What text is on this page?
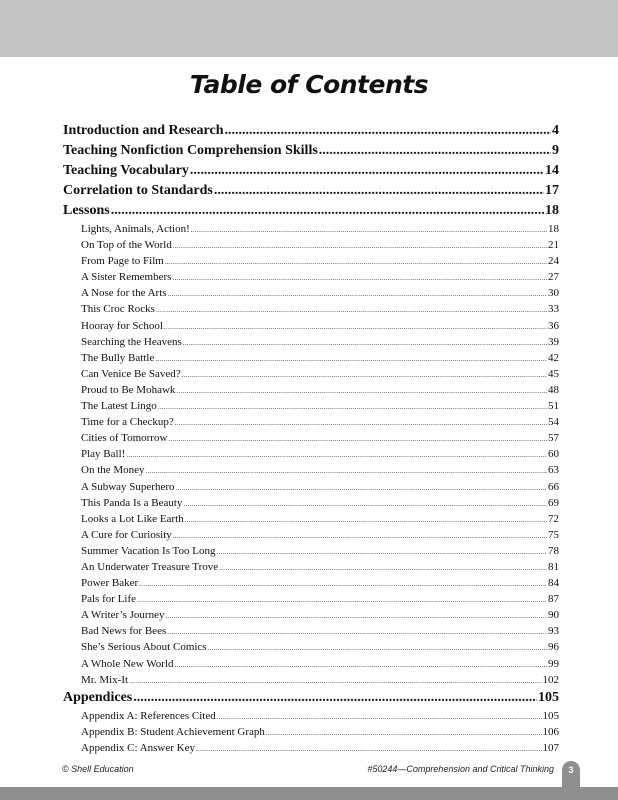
Table of Contents
Introduction and Research .....	4
Teaching Nonfiction Comprehension Skills .....	9
Teaching Vocabulary .....	14
Correlation to Standards .....	17
Lessons .....	18
Lights, Animals, Action! .....	18
On Top of the World .....	21
From Page to Film .....	24
A Sister Remembers .....	27
A Nose for the Arts .....	30
This Croc Rocks .....	33
Hooray for School .....	36
Searching the Heavens .....	39
The Bully Battle .....	42
Can Venice Be Saved? .....	45
Proud to Be Mohawk .....	48
The Latest Lingo .....	51
Time for a Checkup? .....	54
Cities of Tomorrow .....	57
Play Ball! .....	60
On the Money .....	63
A Subway Superhero .....	66
This Panda Is a Beauty .....	69
Looks a Lot Like Earth .....	72
A Cure for Curiosity .....	75
Summer Vacation Is Too Long .....	78
An Underwater Treasure Trove .....	81
Power Baker .....	84
Pals for Life .....	87
A Writer’s Journey .....	90
Bad News for Bees .....	93
She’s Serious About Comics .....	96
A Whole New World .....	99
Mr. Mix-It .....	102
Appendices .....	105
Appendix A: References Cited .....	105
Appendix B: Student Achievement Graph .....	106
Appendix C: Answer Key .....	107
© Shell Education	#50244—Comprehension and Critical Thinking	3
